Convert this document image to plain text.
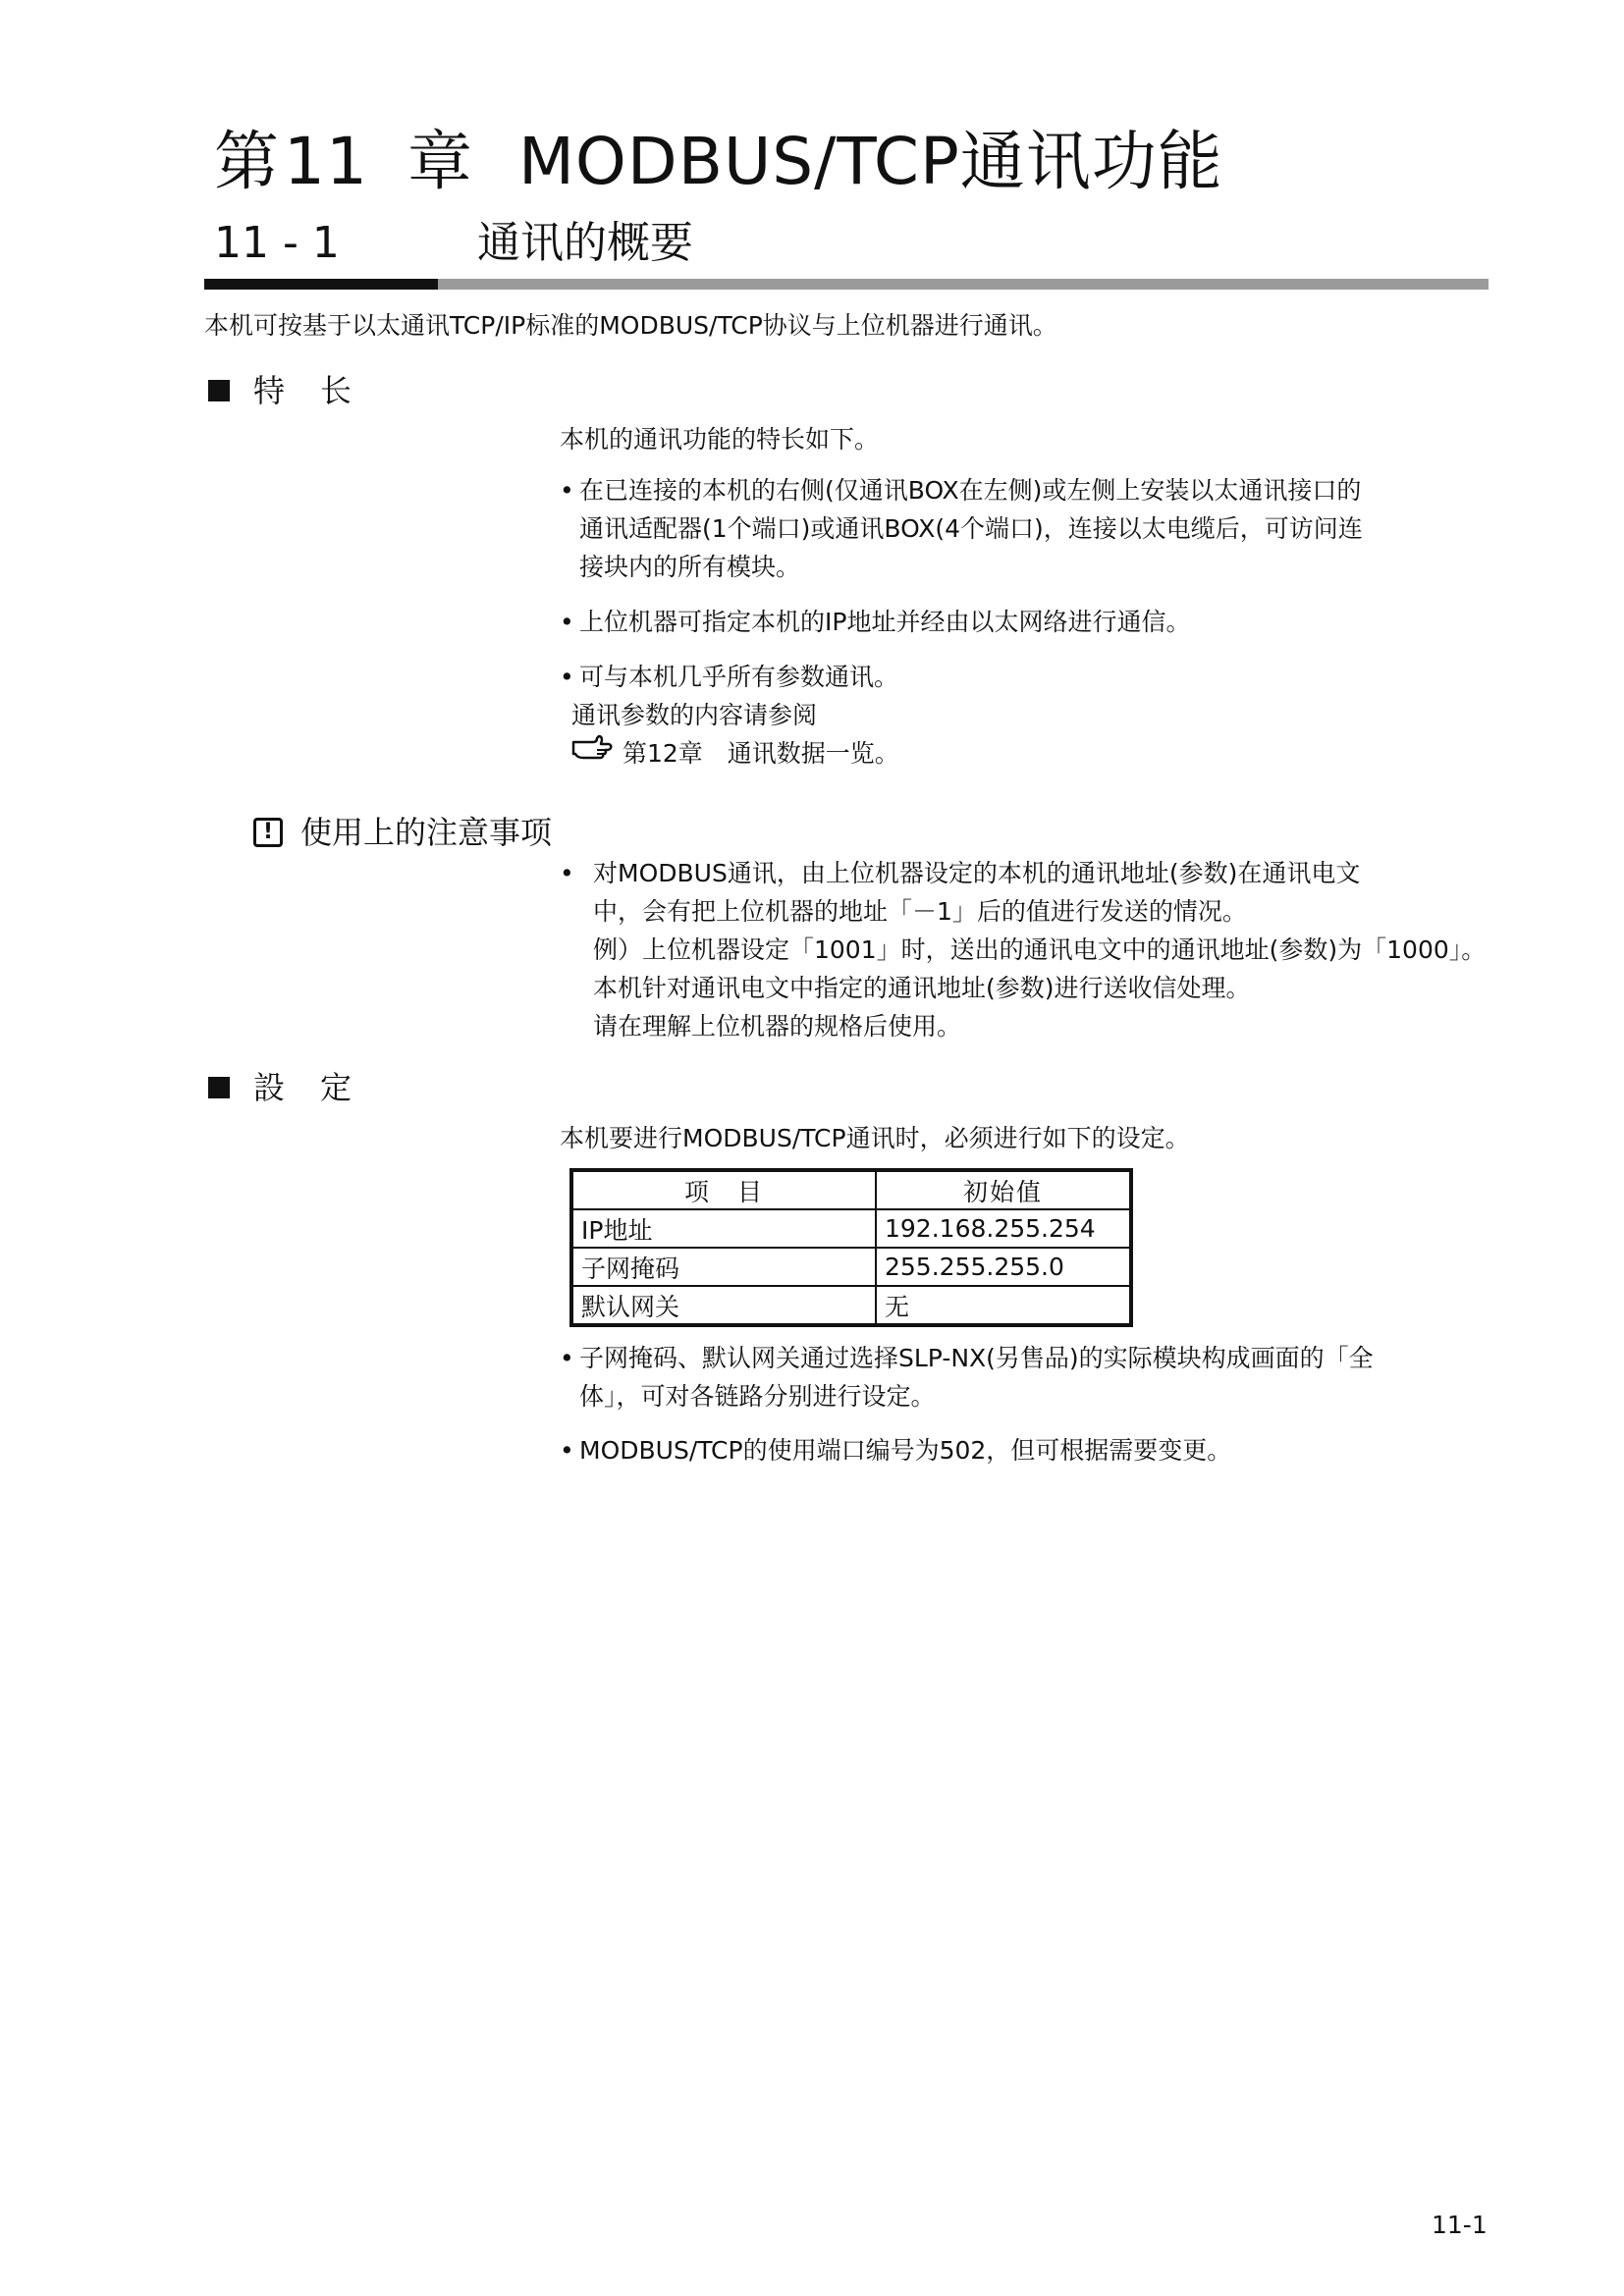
第11 章 MODBUS/TCP通讯功能
11 - 1	通讯的概要
本机可按基于以太通讯TCP/IP标准的MODBUS/TCP协议与上位机器进行通讯。
特长
本机的通讯功能的特长如下。
• 在已连接的本机的右侧(仅通讯BOX在左侧)或左侧上安装以太通讯接口的
通讯适配器(1个端口)或通讯BOX(4个端口)，连接以太电缆后，可访问连
接块内的所有模块。
• 上位机器可指定本机的IP地址并经由以太网络进行通信。
• 可与本机几乎所有参数通讯。
通讯参数的内容请参阅
第12章　通讯数据一览。
! 使用上的注意事项
• 对MODBUS通讯，由上位机器设定的本机的通讯地址(参数)在通讯电文
中，会有把上位机器的地址「－1」后的值进行发送的情况。
例）上位机器设定「1001」时，送出的通讯电文中的通讯地址(参数)为「1000」。
本机针对通讯电文中指定的通讯地址(参数)进行送收信处理。
请在理解上位机器的规格后使用。
設定
本机要进行MODBUS/TCP通讯时，必须进行如下的设定。
项　目	初始值
IP地址	192.168.255.254
子网掩码	255.255.255.0
默认网关	无
• 子网掩码、默认网关通过选择SLP-NX(另售品)的实际模块构成画面的「全
体」，可对各链路分别进行设定。
• MODBUS/TCP的使用端口编号为502，但可根据需要变更。
11-1
